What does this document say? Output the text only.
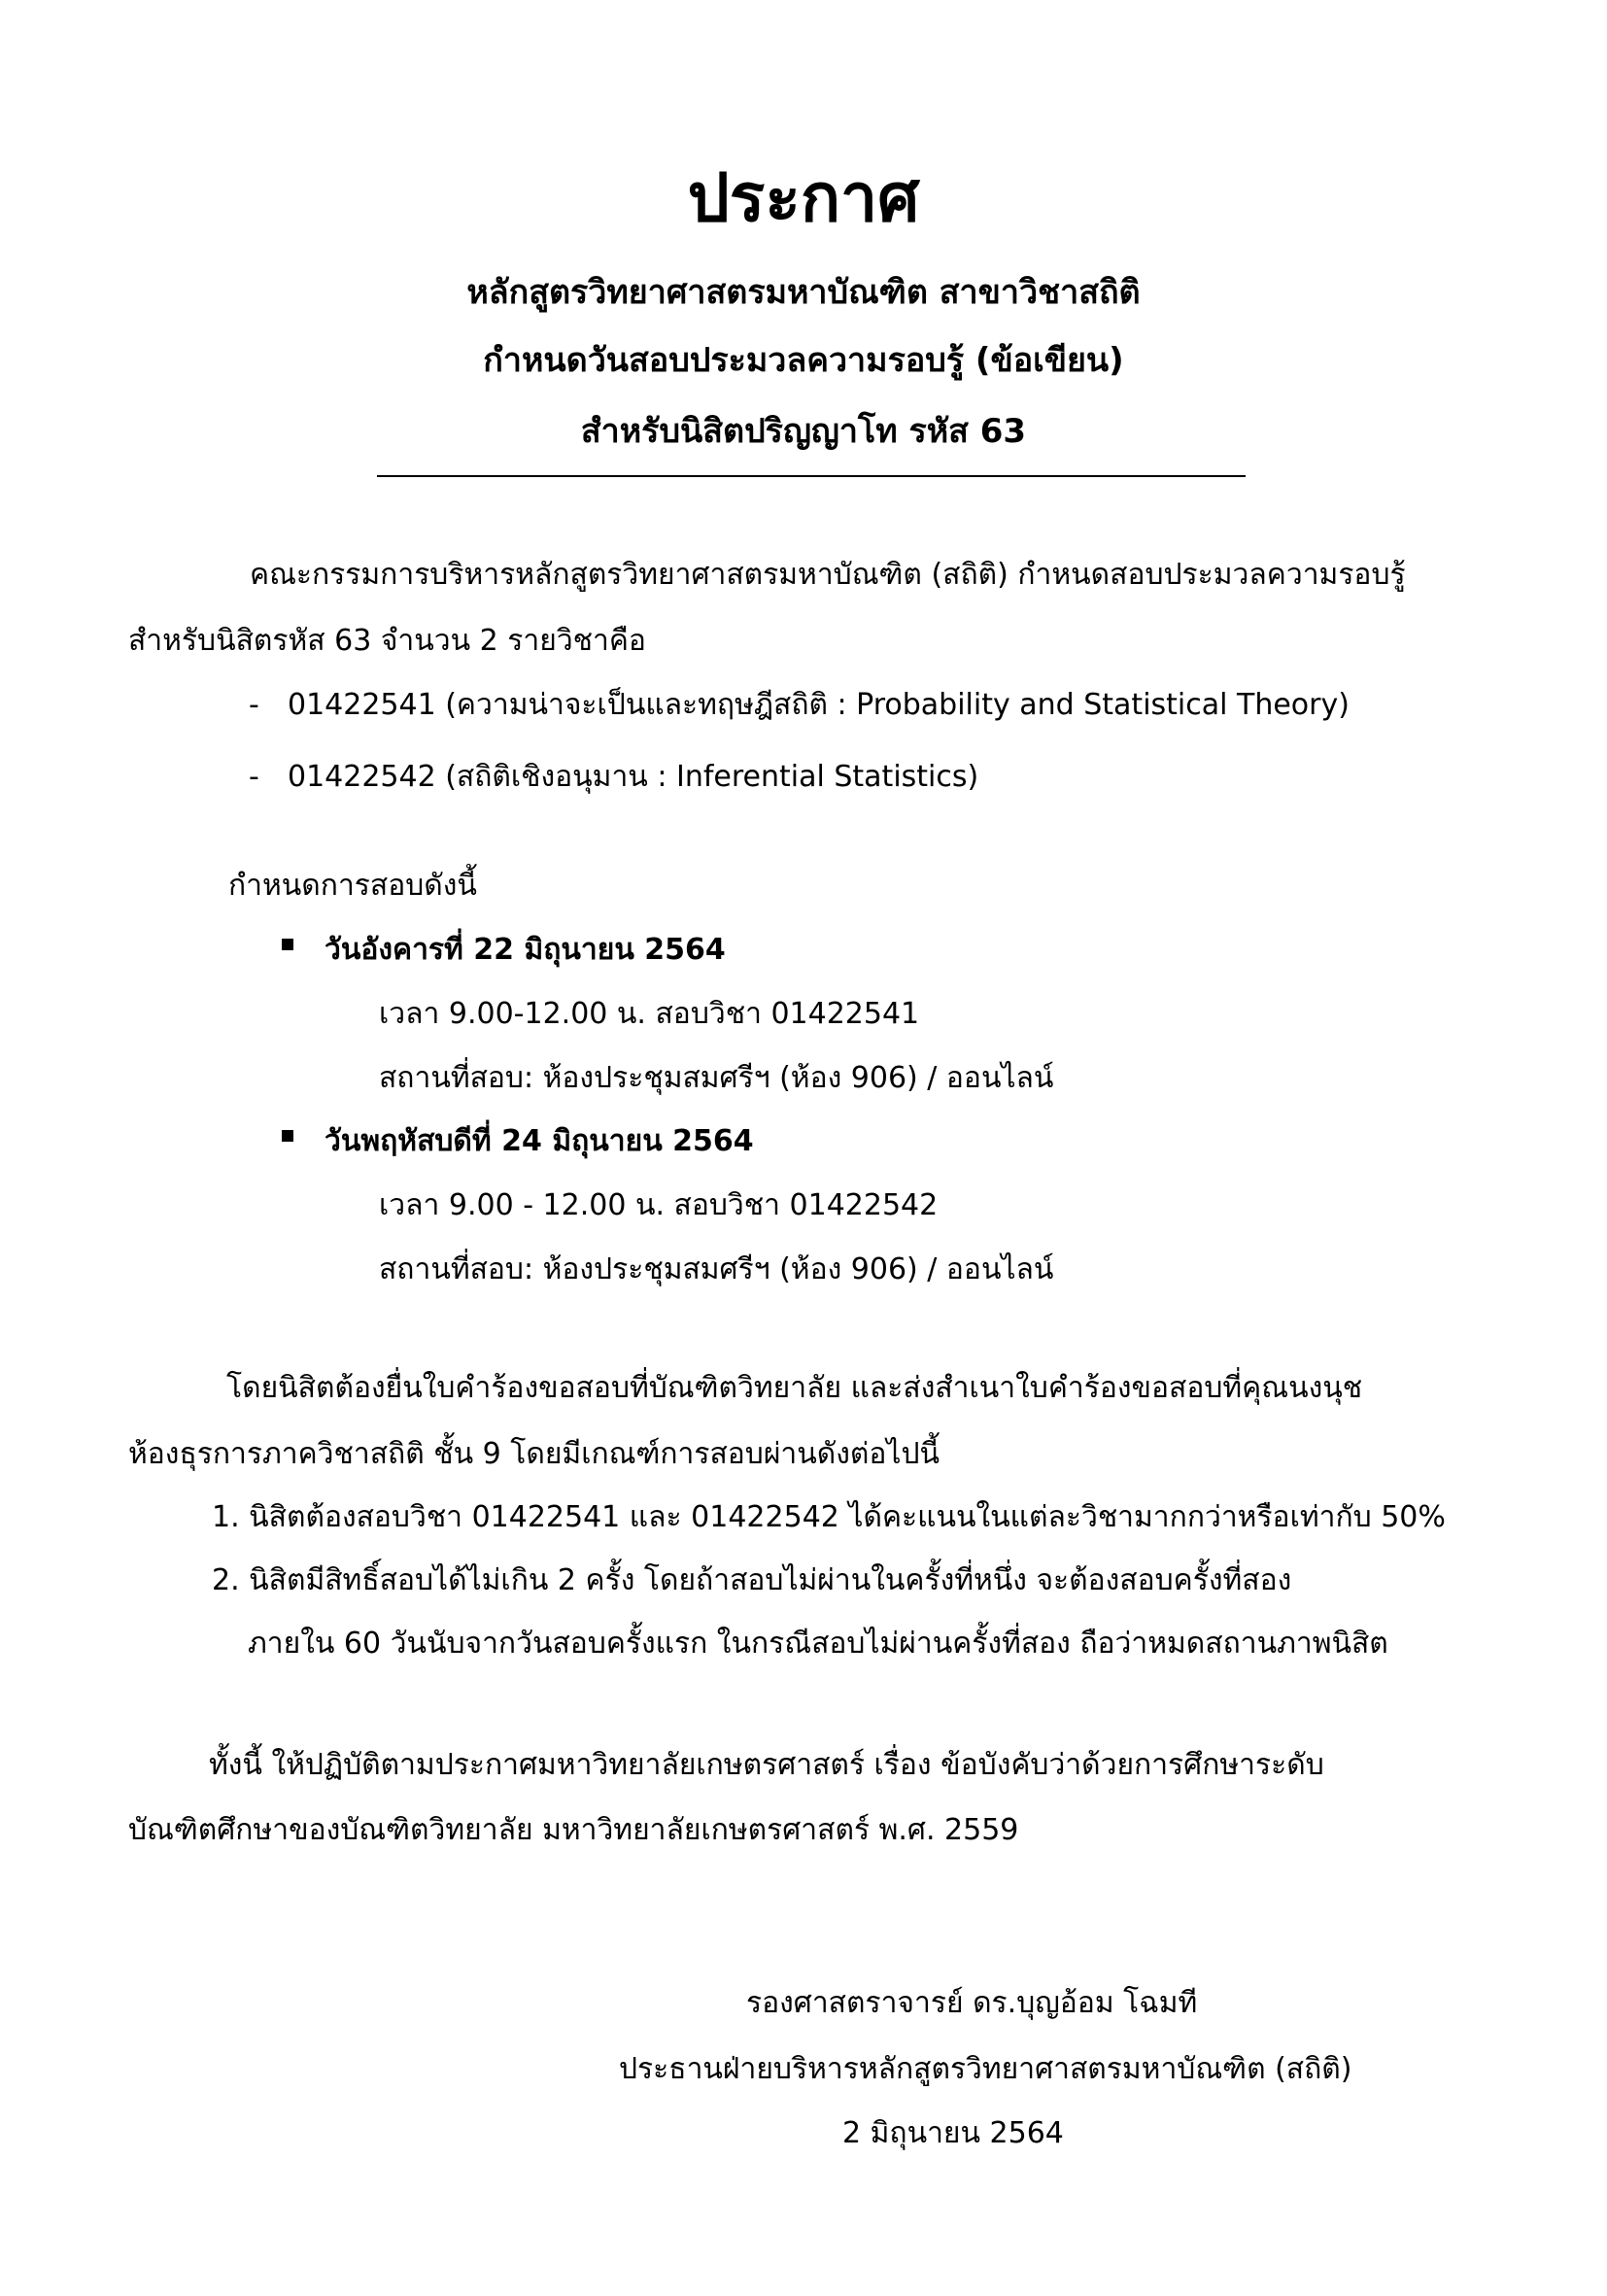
ประกาศ
หลักสูตรวิทยาศาสตรมหาบัณฑิต สาขาวิชาสถิติ
กำหนดวันสอบประมวลความรอบรู้ (ข้อเขียน)
สำหรับนิสิตปริญญาโท รหัส 63
คณะกรรมการบริหารหลักสูตรวิทยาศาสตรมหาบัณฑิต (สถิติ) กำหนดสอบประมวลความรอบรู้
สำหรับนิสิตรหัส 63 จำนวน 2 รายวิชาคือ
- 01422541 (ความน่าจะเป็นและทฤษฎีสถิติ : Probability and Statistical Theory)
- 01422542 (สถิติเชิงอนุมาน : Inferential Statistics)
กำหนดการสอบดังนี้
วันอังคารที่ 22 มิถุนายน 2564
เวลา 9.00-12.00 น. สอบวิชา 01422541
สถานที่สอบ: ห้องประชุมสมศรีฯ (ห้อง 906) / ออนไลน์
วันพฤหัสบดีที่ 24 มิถุนายน 2564
เวลา 9.00 - 12.00 น. สอบวิชา 01422542
สถานที่สอบ: ห้องประชุมสมศรีฯ (ห้อง 906) / ออนไลน์
โดยนิสิตต้องยื่นใบคำร้องขอสอบที่บัณฑิตวิทยาลัย และส่งสำเนาใบคำร้องขอสอบที่คุณนงนุช
ห้องธุรการภาควิชาสถิติ ชั้น 9 โดยมีเกณฑ์การสอบผ่านดังต่อไปนี้
1. นิสิตต้องสอบวิชา 01422541 และ 01422542 ได้คะแนนในแต่ละวิชามากกว่าหรือเท่ากับ 50%
2. นิสิตมีสิทธิ์สอบได้ไม่เกิน 2 ครั้ง โดยถ้าสอบไม่ผ่านในครั้งที่หนึ่ง จะต้องสอบครั้งที่สอง
ภายใน 60 วันนับจากวันสอบครั้งแรก ในกรณีสอบไม่ผ่านครั้งที่สอง ถือว่าหมดสถานภาพนิสิต
ทั้งนี้ ให้ปฏิบัติตามประกาศมหาวิทยาลัยเกษตรศาสตร์ เรื่อง ข้อบังคับว่าด้วยการศึกษาระดับ
บัณฑิตศึกษาของบัณฑิตวิทยาลัย มหาวิทยาลัยเกษตรศาสตร์ พ.ศ. 2559
รองศาสตราจารย์ ดร.บุญอ้อม โฉมที
ประธานฝ่ายบริหารหลักสูตรวิทยาศาสตรมหาบัณฑิต (สถิติ)
2 มิถุนายน 2564
